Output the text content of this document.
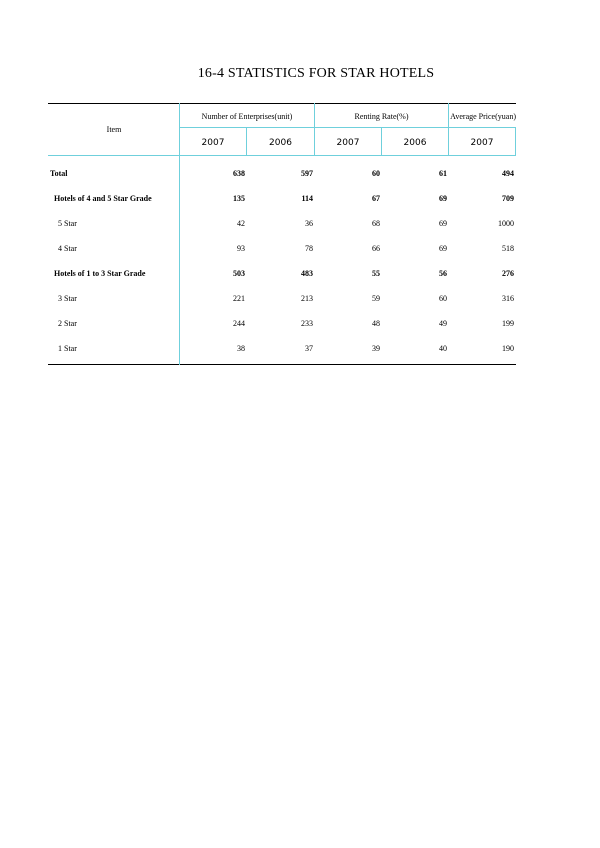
16-4 STATISTICS FOR STAR HOTELS
Item
Number of Enterprises(unit)	Renting Rate(%)	Average Price(yuan)
2007	2006	2007	2006	2007
Total	638	597	60	61	494
Hotels of 4 and 5 Star Grade	135	114	67	69	709
5 Star	42	36	68	69	1000
4 Star	93	78	66	69	518
Hotels of 1 to 3 Star Grade	503	483	55	56	276
3 Star	221	213	59	60	316
2 Star	244	233	48	49	199
1 Star	38	37	39	40	190
